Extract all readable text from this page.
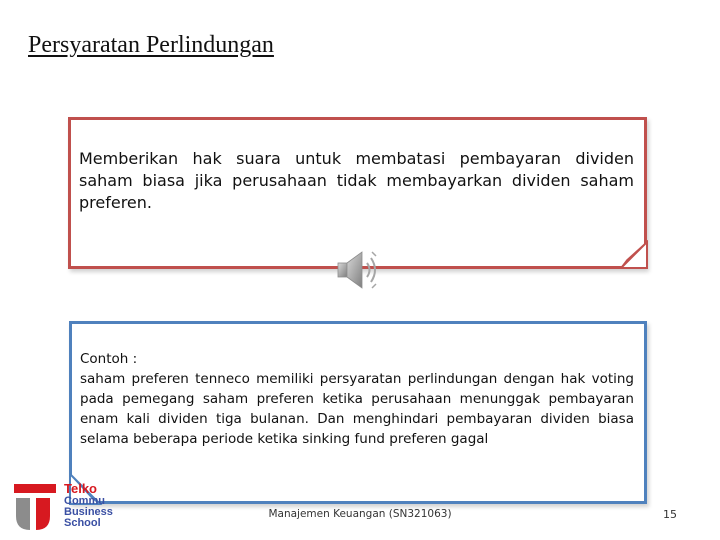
Persyaratan Perlindungan
Memberikan hak suara untuk membatasi pembayaran dividen saham biasa jika perusahaan tidak membayarkan dividen saham preferen.
Contoh :
saham preferen tenneco memiliki persyaratan perlindungan dengan hak voting pada pemegang saham preferen ketika perusahaan menunggak pembayaran enam kali dividen tiga bulanan. Dan menghindari pembayaran dividen biasa selama beberapa periode ketika sinking fund preferen gagal
Telko
Commu
Business
School
Manajemen Keuangan (SN321063)	15
